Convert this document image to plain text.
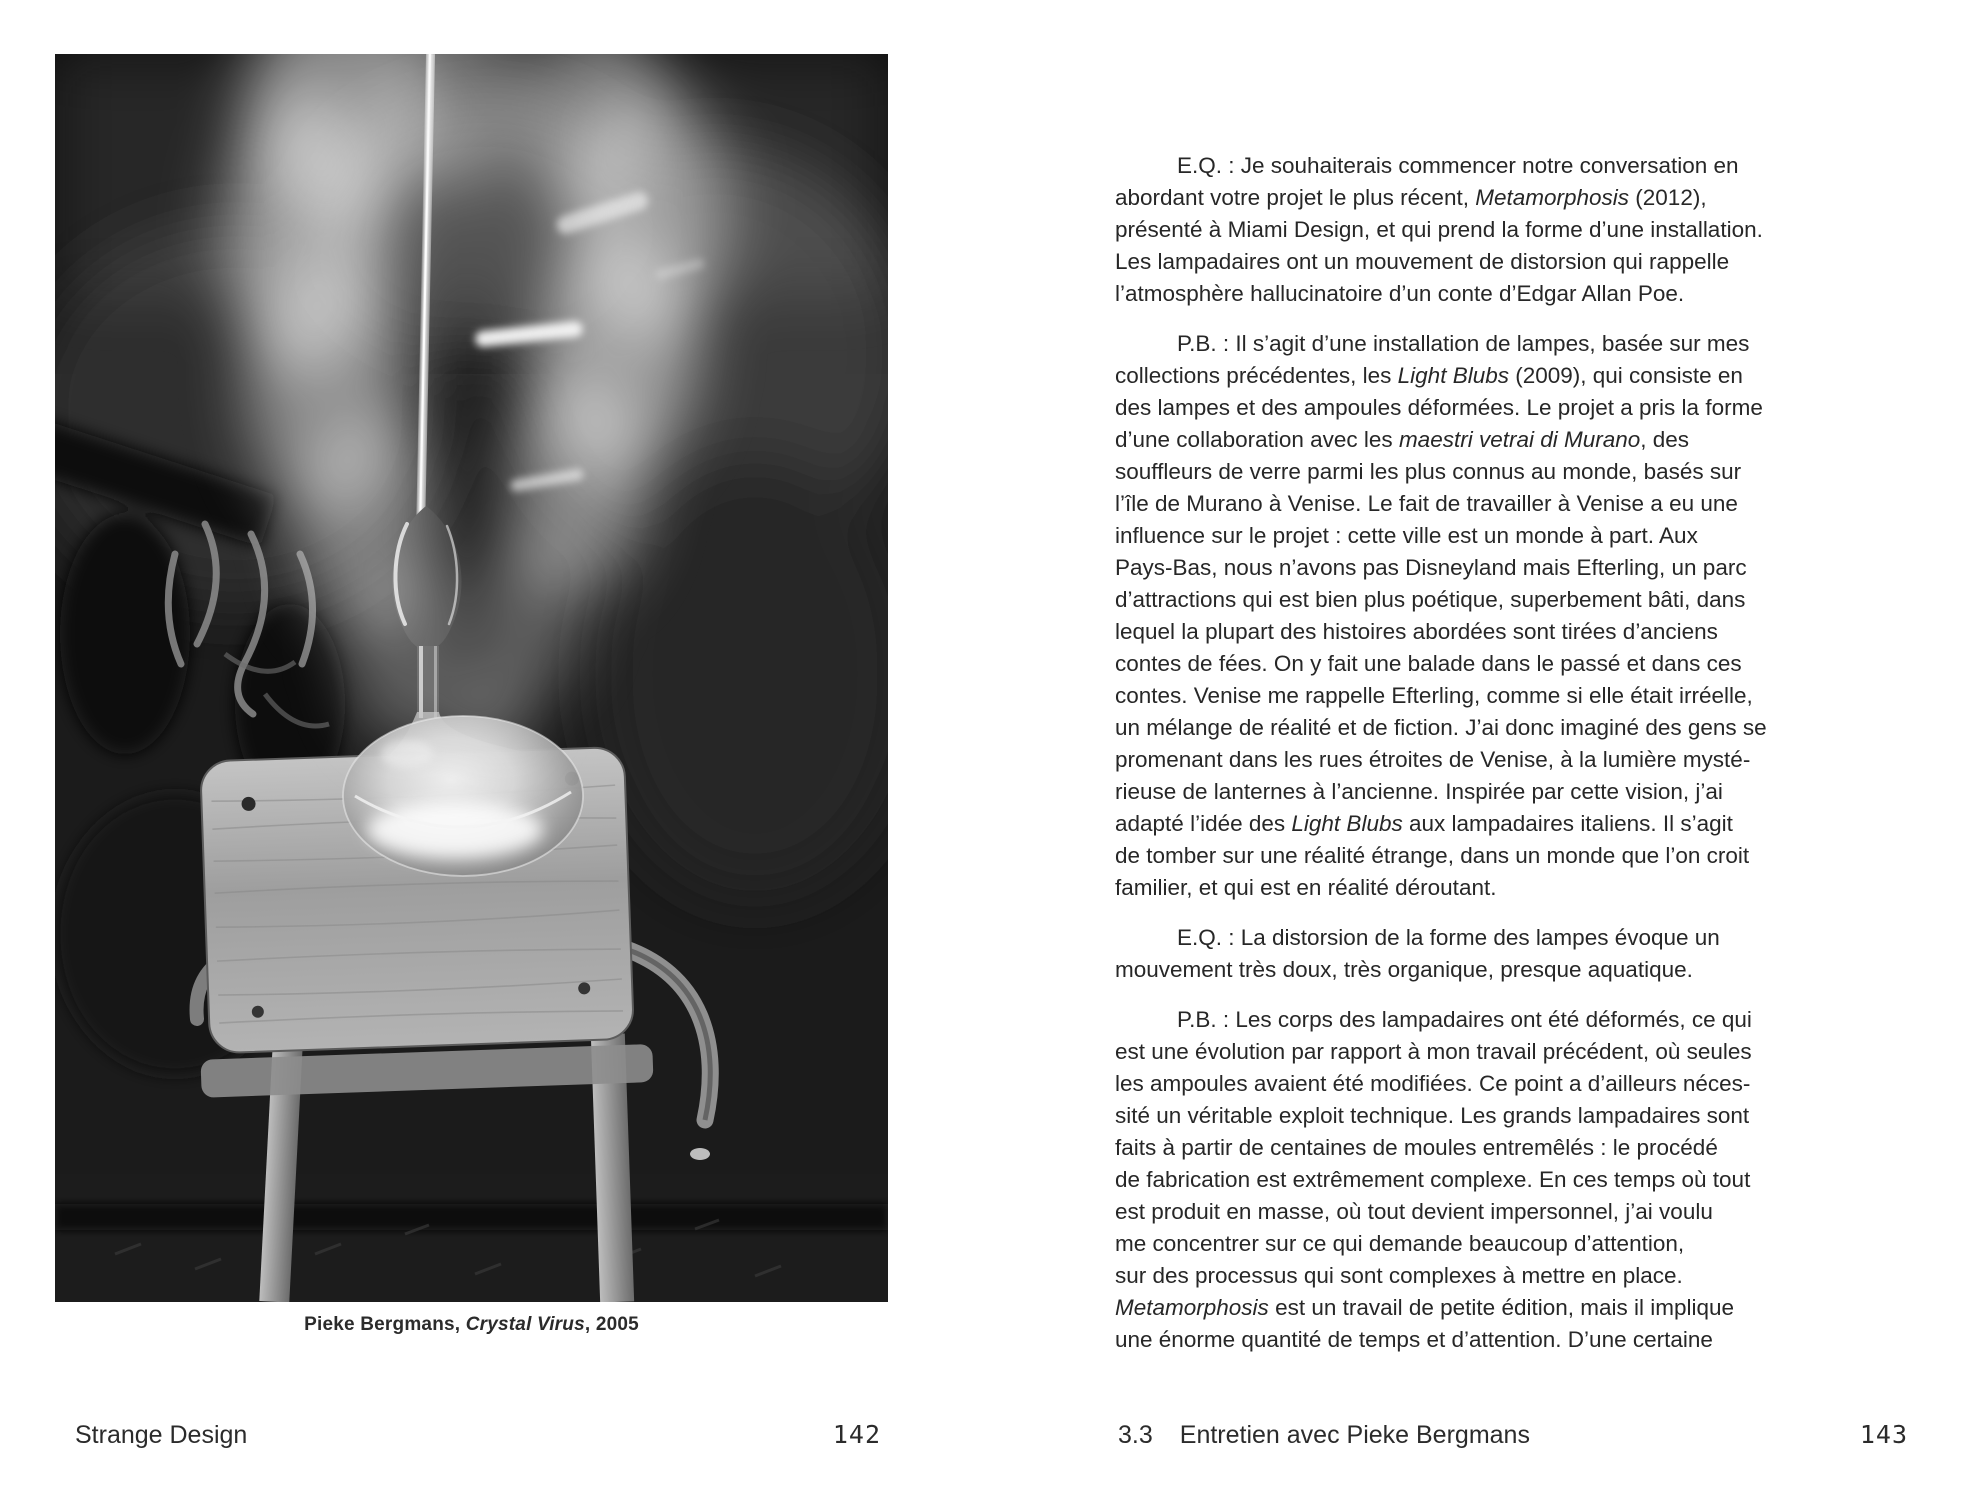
Pieke Bergmans, Crystal Virus, 2005
Strange Design	142
E.Q. : Je souhaiterais commencer notre conversation en
abordant votre projet le plus récent, Metamorphosis (2012),
présenté à Miami Design, et qui prend la forme d’une installation.
Les lampadaires ont un mouvement de distorsion qui rappelle
l’atmosphère hallucinatoire d’un conte d’Edgar Allan Poe.
P.B. : Il s’agit d’une installation de lampes, basée sur mes
collections précédentes, les Light Blubs (2009), qui consiste en
des lampes et des ampoules déformées. Le projet a pris la forme
d’une collaboration avec les maestri vetrai di Murano, des
souffleurs de verre parmi les plus connus au monde, basés sur
l’île de Murano à Venise. Le fait de travailler à Venise a eu une
influence sur le projet : cette ville est un monde à part. Aux
Pays-Bas, nous n’avons pas Disneyland mais Efterling, un parc
d’attractions qui est bien plus poétique, superbement bâti, dans
lequel la plupart des histoires abordées sont tirées d’anciens
contes de fées. On y fait une balade dans le passé et dans ces
contes. Venise me rappelle Efterling, comme si elle était irréelle,
un mélange de réalité et de fiction. J’ai donc imaginé des gens se
promenant dans les rues étroites de Venise, à la lumière mysté-
rieuse de lanternes à l’ancienne. Inspirée par cette vision, j’ai
adapté l’idée des Light Blubs aux lampadaires italiens. Il s’agit
de tomber sur une réalité étrange, dans un monde que l’on croit
familier, et qui est en réalité déroutant.
E.Q. : La distorsion de la forme des lampes évoque un
mouvement très doux, très organique, presque aquatique.
P.B. : Les corps des lampadaires ont été déformés, ce qui
est une évolution par rapport à mon travail précédent, où seules
les ampoules avaient été modifiées. Ce point a d’ailleurs néces-
sité un véritable exploit technique. Les grands lampadaires sont
faits à partir de centaines de moules entremêlés : le procédé
de fabrication est extrêmement complexe. En ces temps où tout
est produit en masse, où tout devient impersonnel, j’ai voulu
me concentrer sur ce qui demande beaucoup d’attention,
sur des processus qui sont complexes à mettre en place.
Metamorphosis est un travail de petite édition, mais il implique
une énorme quantité de temps et d’attention. D’une certaine
3.3 Entretien avec Pieke Bergmans	143
